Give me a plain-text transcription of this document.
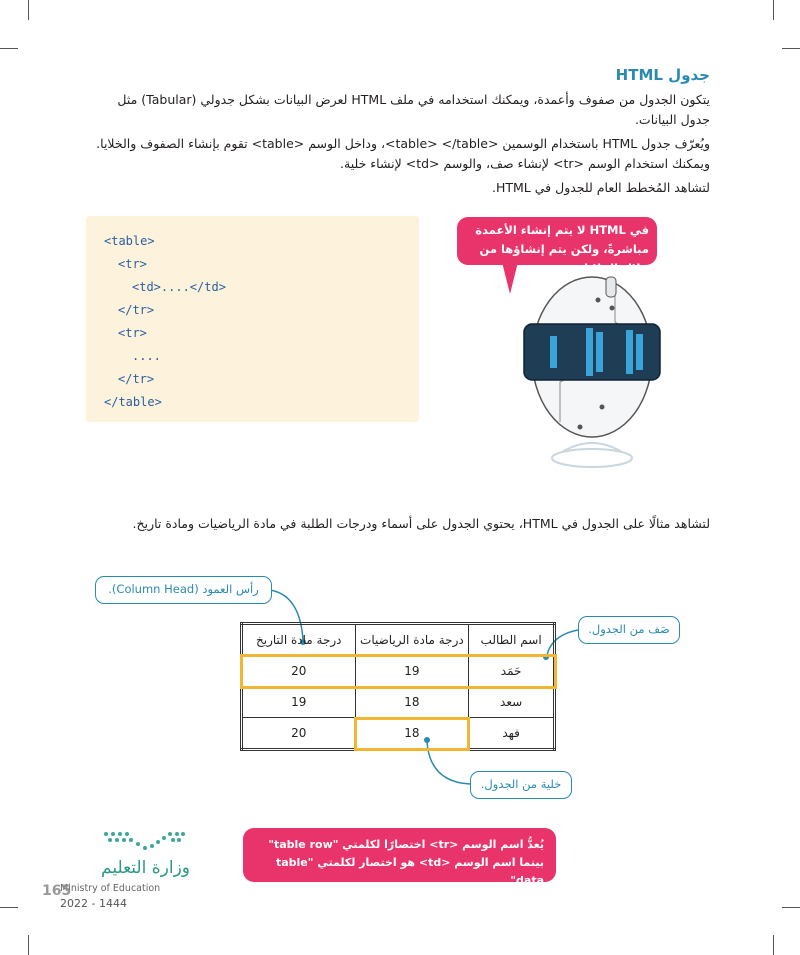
جدول HTML
يتكون الجدول من صفوف وأعمدة، ويمكنك استخدامه في ملف HTML لعرض البيانات بشكل جدولي (Tabular) مثل جدول البيانات.
ويُعرّف جدول HTML باستخدام الوسمين <table> </table>، وداخل الوسم <table> تقوم بإنشاء الصفوف والخلايا. ويمكنك استخدام الوسم <tr> لإنشاء صف، والوسم <td> لإنشاء خلية.
لتشاهد المُخطط العام للجدول في HTML.
<table>
<tr>
<td>....</td>
</tr>
<tr>
....
</tr>
</table>
في HTML لا يتم إنشاء الأعمدة مباشرةً، ولكن يتم إنشاؤها من خلال الخلايا.
لتشاهد مثالًا على الجدول في HTML، يحتوي الجدول على أسماء ودرجات الطلبة في مادة الرياضيات ومادة تاريخ.
اسم الطالب	درجة مادة الرياضيات	درجة مادة التاريخ
حَمَد	19	20
سعد	18	19
فهد	18	20
رأس العمود (Column Head).
صَف من الجدول.
خلية من الجدول.
يُعدُّ اسم الوسم <tr> اختصارًا لكلمتي "table row" بينما اسم الوسم <td> هو اختصار لكلمتي "table data".
وزارة التعليم
Ministry of Education
2022 - 1444
165
